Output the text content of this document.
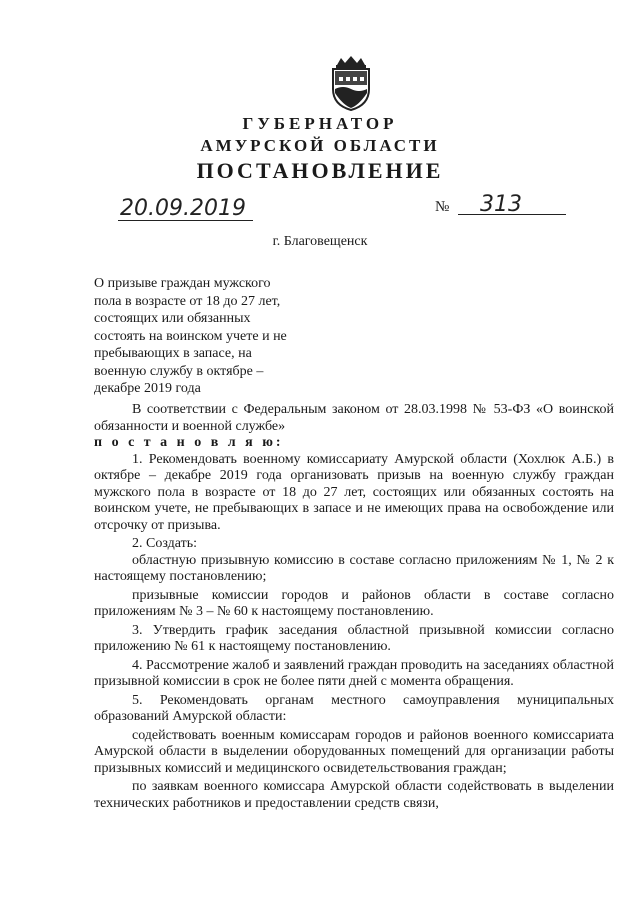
ГУБЕРНАТОР
АМУРСКОЙ ОБЛАСТИ
ПОСТАНОВЛЕНИЕ
20.09.2019	№ 313
г. Благовещенск
О призыве граждан мужского
пола в возрасте от 18 до 27 лет,
состоящих или обязанных
состоять на воинском учете и не
пребывающих в запасе, на
военную службу в октябре –
декабре 2019 года

В соответствии с Федеральным законом от 28.03.1998 № 53-ФЗ «О воинской обязанности и военной службе»

п о с т а н о в л я ю:

1. Рекомендовать военному комиссариату Амурской области (Хохлюк А.Б.) в октябре – декабре 2019 года организовать призыв на военную службу граждан мужского пола в возрасте от 18 до 27 лет, состоящих или обязанных состоять на воинском учете, не пребывающих в запасе и не имеющих права на освобождение или отсрочку от призыва.

2. Создать:

областную призывную комиссию в составе согласно приложениям № 1, № 2 к настоящему постановлению;

призывные комиссии городов и районов области в составе согласно приложениям № 3 – № 60 к настоящему постановлению.

3. Утвердить график заседания областной призывной комиссии согласно приложению № 61 к настоящему постановлению.

4. Рассмотрение жалоб и заявлений граждан проводить на заседаниях областной призывной комиссии в срок не более пяти дней с момента обращения.

5. Рекомендовать органам местного самоуправления муниципальных образований Амурской области:

содействовать военным комиссарам городов и районов военного комиссариата Амурской области в выделении оборудованных помещений для организации работы призывных комиссий и медицинского освидетельствования граждан;

по заявкам военного комиссара Амурской области содействовать в выделении технических работников и предоставлении средств связи,
